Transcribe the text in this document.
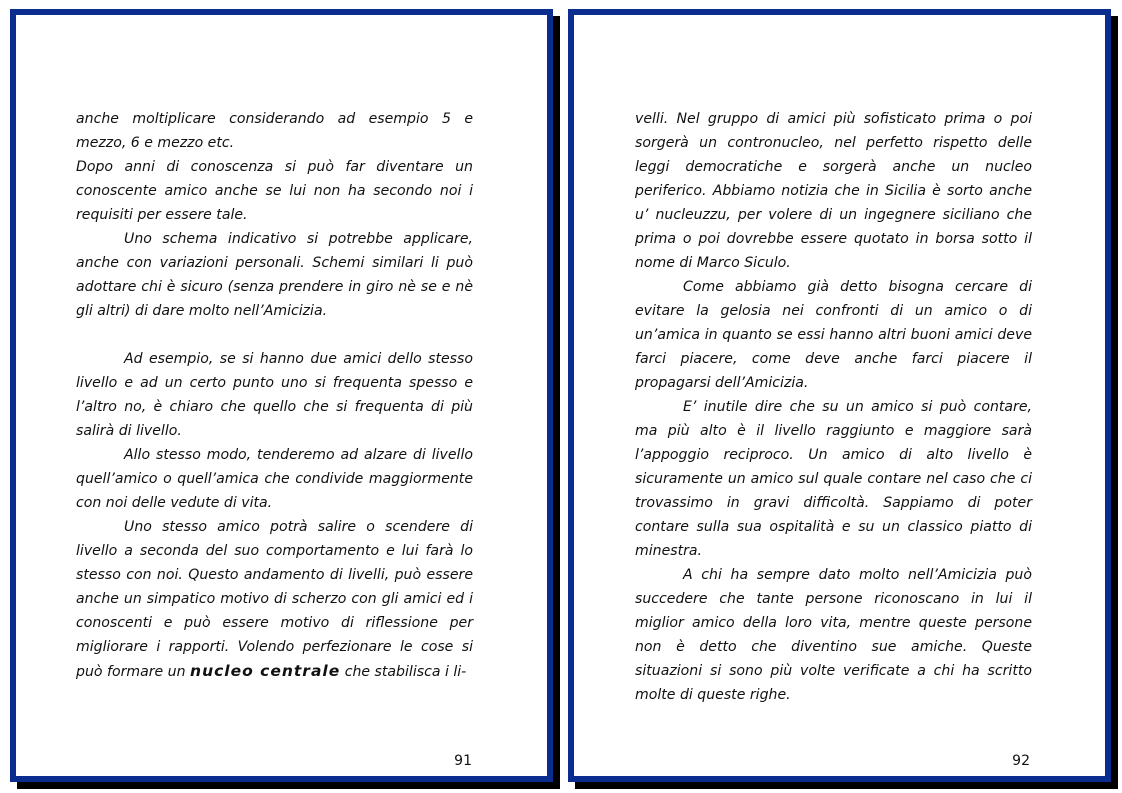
anche moltiplicare considerando ad esempio 5 e mezzo, 6 e mezzo etc.

Dopo anni di conoscenza si può far diventare un conoscente amico anche se lui non ha secondo noi i requisiti per essere tale.

Uno schema indicativo si potrebbe applicare, anche con variazioni personali. Schemi similari li può adottare chi è sicuro (senza prendere in giro nè se e nè gli altri) di dare molto nell’Amicizia.

Ad esempio, se si hanno due amici dello stesso livello e ad un certo punto uno si frequenta spesso e l’altro no, è chiaro che quello che si frequenta di più salirà di livello.

Allo stesso modo, tenderemo ad alzare di livello quell’amico o quell’amica che condivide maggiormente con noi delle vedute di vita.

Uno stesso amico potrà salire o scendere di livello a seconda del suo comportamento e lui farà lo stesso con noi. Questo andamento di livelli, può essere anche un simpatico motivo di scherzo con gli amici ed i conoscenti e può essere motivo di riflessione per migliorare i rapporti. Volendo perfezionare le cose si può formare un nucleo centrale che stabilisca i li-

91

velli. Nel gruppo di amici più sofisticato prima o poi sorgerà un contronucleo, nel perfetto rispetto delle leggi democratiche e sorgerà anche un nucleo periferico. Abbiamo notizia che in Sicilia è sorto anche u’ nucleuzzu, per volere di un ingegnere siciliano che prima o poi dovrebbe essere quotato in borsa sotto il nome di Marco Siculo.

Come abbiamo già detto bisogna cercare di evitare la gelosia nei confronti di un amico o di un’amica in quanto se essi hanno altri buoni amici deve farci piacere, come deve anche farci piacere il propagarsi dell’Amicizia.

E’ inutile dire che su un amico si può contare, ma più alto è il livello raggiunto e maggiore sarà l’appoggio reciproco. Un amico di alto livello è sicuramente un amico sul quale contare nel caso che ci trovassimo in gravi difficoltà. Sappiamo di poter contare sulla sua ospitalità e su un classico piatto di minestra.

A chi ha sempre dato molto nell’Amicizia può succedere che tante persone riconoscano in lui il miglior amico della loro vita, mentre queste persone non è detto che diventino sue amiche. Queste situazioni si sono più volte verificate a chi ha scritto molte di queste righe.

92
